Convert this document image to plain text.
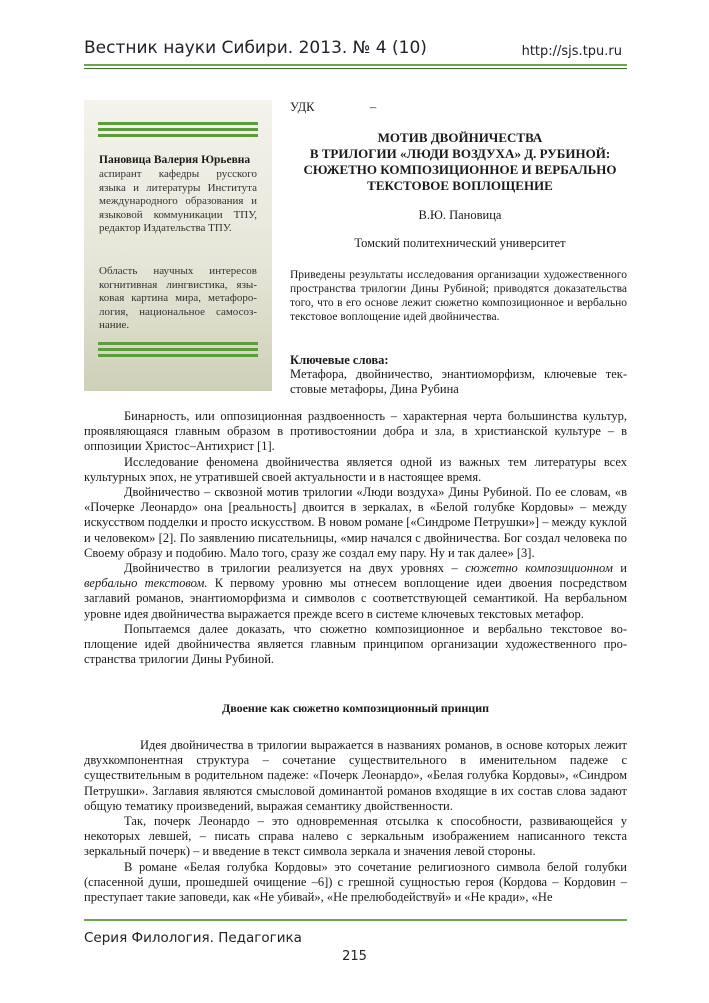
Вестник науки Сибири. 2013. № 4 (10)	http://sjs.tpu.ru
Пановица Валерия Юрьевна
аспирант кафедры русского языка и литературы Института международного образования и языковой коммуникации ТПУ, редактор Издательства ТПУ.
Область научных интересов когнитивная лингвистика, языковая картина мира, метафорология, национальное самосознание.
УДК	–
МОТИВ ДВОЙНИЧЕСТВА
В ТРИЛОГИИ «ЛЮДИ ВОЗДУХА» Д. РУБИНОЙ:
СЮЖЕТНО КОМПОЗИЦИОННОЕ И ВЕРБАЛЬНО
ТЕКСТОВОЕ ВОПЛОЩЕНИЕ
В.Ю. Пановица
Томский политехнический университет
Приведены результаты исследования организации художественного пространства трилогии Дины Рубиной; приводятся доказательства того, что в его основе лежит сюжетно композиционное и вербально текстовое воплощение идей двойничества.
Ключевые слова:
Метафора, двойничество, энантиоморфизм, ключевые текстовые метафоры, Дина Рубина

Бинарность, или оппозиционная раздвоенность – характерная черта большинства культур, проявляющаяся главным образом в противостоянии добра и зла, в христианской культуре – в оппозиции Христос–Антихрист [1].

Исследование феномена двойничества является одной из важных тем литературы всех культурных эпох, не утратившей своей актуальности и в настоящее время.

Двойничество – сквозной мотив трилогии «Люди воздуха» Дины Рубиной. По ее словам, «в «Почерке Леонардо» она [реальность] двоится в зеркалах, в «Белой голубке Кордовы» – между искусством подделки и просто искусством. В новом романе [«Синдроме Петрушки»] – между куклой и человеком» [2]. По заявлению писательницы, «мир начался с двойничества. Бог создал человека по Своему образу и подобию. Мало того, сразу же создал ему пару. Ну и так далее» [3].

Двойничество в трилогии реализуется на двух уровнях – сюжетно композиционном и вербально текстовом. К первому уровню мы отнесем воплощение идеи двоения посредством заглавий романов, энантиоморфизма и символов с соответствующей семантикой. На вербальном уровне идея двойничества выражается прежде всего в системе ключевых текстовых метафор.

Попытаемся далее доказать, что сюжетно композиционное и вербально текстовое воплощение идей двойничества является главным принципом организации художественного пространства трилогии Дины Рубиной.

Двоение как сюжетно композиционный принцип

Идея двойничества в трилогии выражается в названиях романов, в основе которых лежит двухкомпонентная структура – сочетание существительного в именительном падеже с существительным в родительном падеже: «Почерк Леонардо», «Белая голубка Кордовы», «Синдром Петрушки». Заглавия являются смысловой доминантой романов входящие в их состав слова задают общую тематику произведений, выражая семантику двойственности.

Так, почерк Леонардо – это одновременная отсылка к способности, развивающейся у некоторых левшей, – писать справа налево с зеркальным изображением написанного текста зеркальный почерк) – и введение в текст символа зеркала и значения левой стороны.

В романе «Белая голубка Кордовы» это сочетание религиозного символа белой голубки (спасенной души, прошедшей очищение –6]) с грешной сущностью героя (Кордова – Кордовин – преступает такие заповеди, как «Не убивай», «Не прелюбодействуй» и «Не кради», «Не

Серия Филология. Педагогика
215
